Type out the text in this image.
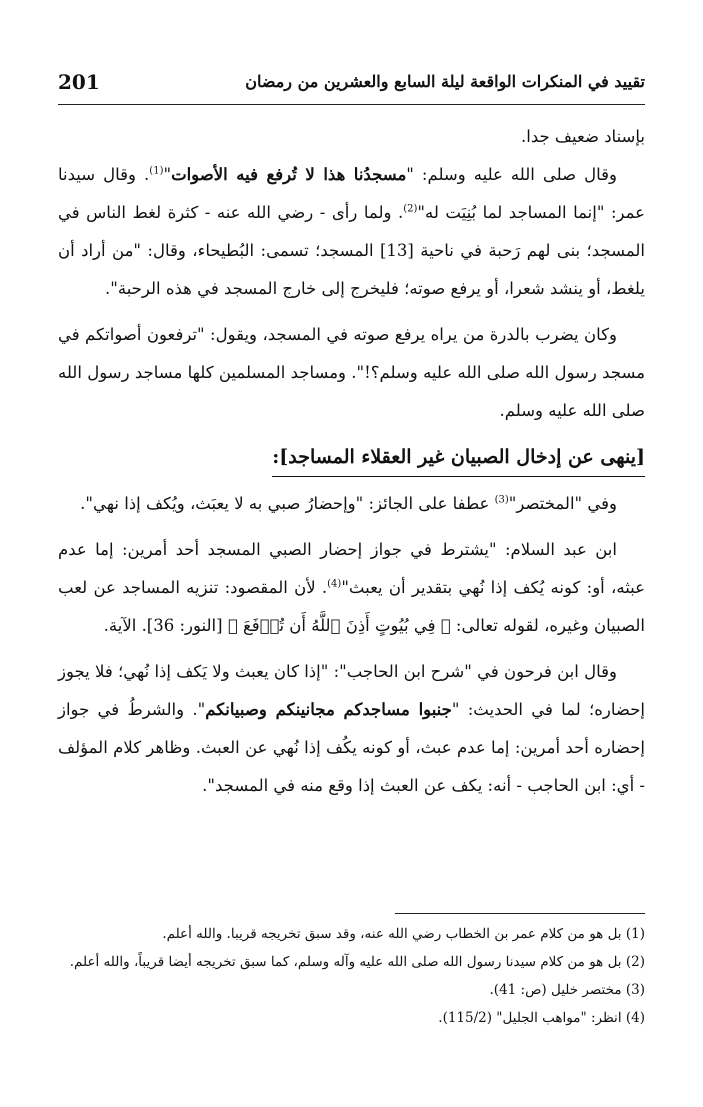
201	تقييد في المنكرات الواقعة ليلة السابع والعشرين من رمضان

بإسناد ضعيف جدا.

وقال صلى الله عليه وسلم: "مسجدُنا هذا لا تُرفع فيه الأصوات"$^{(1)}$. وقال سيدنا عمر: "إنما المساجد لما بُنِيَت له"$^{(2)}$. ولما رأى - رضي الله عنه - كثرة لغط الناس في المسجد؛ بنى لهم رَحبة في ناحية [13] المسجد؛ تسمى: البُطيحاء، وقال: "من أراد أن يلغط، أو ينشد شعرا، أو يرفع صوته؛ فليخرج إلى خارج المسجد في هذه الرحبة".

وكان يضرب بالدرة من يراه يرفع صوته في المسجد، ويقول: "ترفعون أصواتكم في مسجد رسول الله صلى الله عليه وسلم؟!". ومساجد المسلمين كلها مساجد رسول الله صلى الله عليه وسلم.

[ينهى عن إدخال الصبيان غير العقلاء المساجد]:

وفي "المختصر"$^{(3)}$ عطفا على الجائز: "وإحضارُ صبي به لا يعبَث، ويُكف إذا نهي".

ابن عبد السلام: "يشترط في جواز إحضار الصبي المسجد أحد أمرين: إما عدم عبثه، أو: كونه يُكف إذا نُهي بتقدير أن يعبث"$^{(4)}$. لأن المقصود: تنزيه المساجد عن لعب الصبيان وغيره، لقوله تعالى: ﴿ فِي بُيُوتٍ أَذِنَ ٱللَّهُ أَن تُرۡفَعَ ﴾ [النور: 36]. الآية.

وقال ابن فرحون في "شرح ابن الحاجب": "إذا كان يعبث ولا يَكف إذا نُهي؛ فلا يجوز إحضاره؛ لما في الحديث: "جنبوا مساجدكم مجانينكم وصبيانكم". والشرطُ في جواز إحضاره أحد أمرين: إما عدم عبث، أو كونه يكُف إذا نُهي عن العبث. وظاهر كلام المؤلف - أي: ابن الحاجب - أنه: يكف عن العبث إذا وقع منه في المسجد".

(1) بل هو من كلام عمر بن الخطاب رضي الله عنه، وقد سبق تخريجه قريبا. والله أعلم.

(2) بل هو من كلام سيدنا رسول الله صلى الله عليه وآله وسلم، كما سبق تخريجه أيضا قريباً، والله أعلم.

(3) مختصر خليل (ص: 41).

(4) انظر: "مواهب الجليل" (115/2).
